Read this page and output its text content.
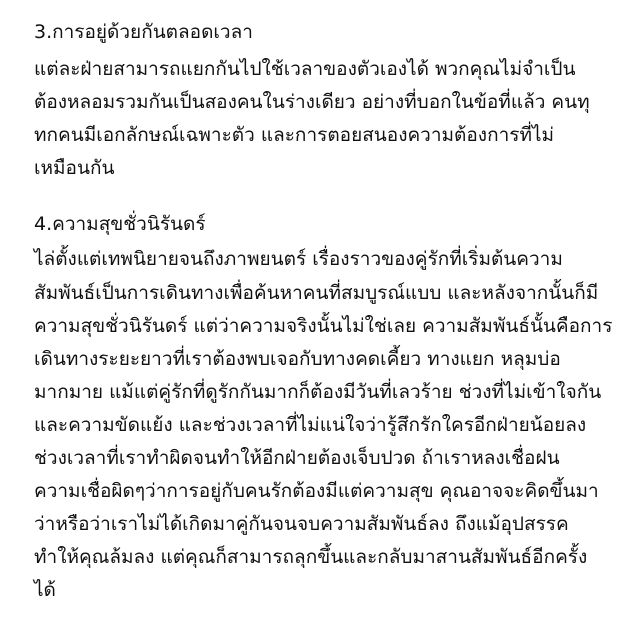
3.การอยู่ด้วยกันตลอดเวลา
แต่ละฝ่ายสามารถแยกกันไปใช้เวลาของตัวเองได้ พวกคุณไม่จำเป็น
ต้องหลอมรวมกันเป็นสองคนในร่างเดียว อย่างที่บอกในข้อที่แล้ว คนทุ
ทกคนมีเอกลักษณ์เฉพาะตัว และการตอยสนองความต้องการที่ไม่
เหมือนกัน
4.ความสุขชั่วนิรันดร์
ไล่ตั้งแต่เทพนิยายจนถึงภาพยนตร์ เรื่องราวของคู่รักที่เริ่มต้นความ
สัมพันธ์เป็นการเดินทางเพื่อค้นหาคนที่สมบูรณ์แบบ และหลังจากนั้นก็มี
ความสุขชั่วนิรันดร์ แต่ว่าความจริงนั้นไม่ใช่เลย ความสัมพันธ์นั้นคือการ
เดินทางระยะยาวที่เราต้องพบเจอกับทางคดเคี้ยว ทางแยก หลุมบ่อ
มากมาย แม้แต่คู่รักที่ดูรักกันมากก็ต้องมีวันที่เลวร้าย ช่วงที่ไม่เข้าใจกัน
และความขัดแย้ง และช่วงเวลาที่ไม่แน่ใจว่ารู้สึกรักใครอีกฝ่ายน้อยลง
ช่วงเวลาที่เราทำผิดจนทำให้อีกฝ่ายต้องเจ็บปวด ถ้าเราหลงเชื่อฝน
ความเชื่อผิดๆว่าการอยู่กับคนรักต้องมีแต่ความสุข คุณอาจจะคิดขึ้นมา
ว่าหรือว่าเราไม่ได้เกิดมาคู่กันจนจบความสัมพันธ์ลง ถึงแม้อุปสรรค
ทำให้คุณล้มลง แต่คุณก็สามารถลุกขึ้นและกลับมาสานสัมพันธ์อีกครั้ง
ได้
